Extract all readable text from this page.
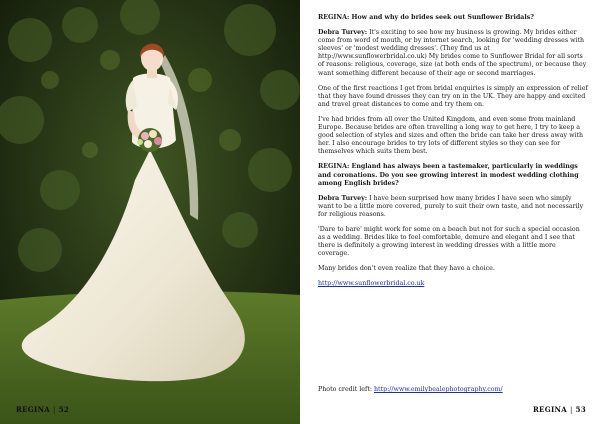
REGINA | 52

REGINA: How and why do brides seek out Sunflower Bridals?

Debra Turvey: It's exciting to see how my business is growing. My brides either come from word of mouth, or by internet search, looking for 'wedding dresses with sleeves' or 'modest wedding dresses'. (They find us at http://www.sunflowerbridal.co.uk) My brides come to Sunflower Bridal for all sorts of reasons: religious, coverage, size (at both ends of the spectrum), or because they want something different because of their age or second marriages.

One of the first reactions I get from bridal enquiries is simply an expression of relief that they have found dresses they can try on in the UK. They are happy and excited and travel great distances to come and try them on.

I've had brides from all over the United Kingdom, and even some from mainland Europe. Because brides are often travelling a long way to get here, I try to keep a good selection of styles and sizes and often the bride can take her dress away with her. I also encourage brides to try lots of different styles so they can see for themselves which suits them best.

REGINA: England has always been a tastemaker, particularly in weddings and coronations. Do you see growing interest in modest wedding clothing among English brides?

Debra Turvey: I have been surprised how many brides I have seen who simply want to be a little more covered, purely to suit their own taste, and not necessarily for religious reasons.

'Dare to bare' might work for some on a beach but not for such a special occasion as a wedding. Brides like to feel comfortable, demure and elegant and I see that there is definitely a growing interest in wedding dresses with a little more coverage.

Many brides don't even realize that they have a choice.

http://www.sunflowerbridal.co.uk

Photo credit left: http://www.emilybealephotography.com/
REGINA | 53
